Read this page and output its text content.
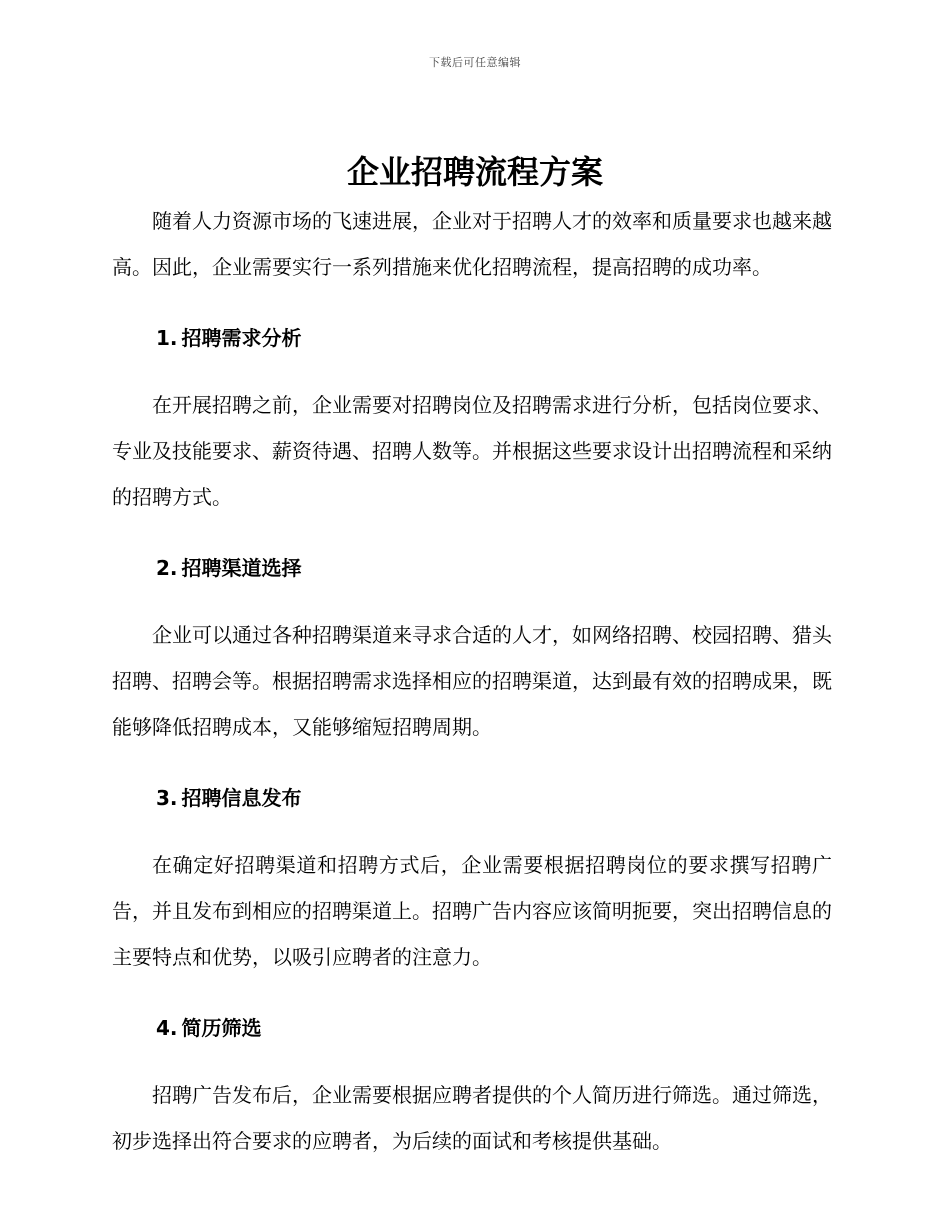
下载后可任意编辑
企业招聘流程方案

随着人力资源市场的飞速进展，企业对于招聘人才的效率和质量要求也越来越高。因此，企业需要实行一系列措施来优化招聘流程，提高招聘的成功率。

1. 招聘需求分析

在开展招聘之前，企业需要对招聘岗位及招聘需求进行分析，包括岗位要求、专业及技能要求、薪资待遇、招聘人数等。并根据这些要求设计出招聘流程和采纳的招聘方式。

2. 招聘渠道选择

企业可以通过各种招聘渠道来寻求合适的人才，如网络招聘、校园招聘、猎头招聘、招聘会等。根据招聘需求选择相应的招聘渠道，达到最有效的招聘成果，既能够降低招聘成本，又能够缩短招聘周期。

3. 招聘信息发布

在确定好招聘渠道和招聘方式后，企业需要根据招聘岗位的要求撰写招聘广告，并且发布到相应的招聘渠道上。招聘广告内容应该简明扼要，突出招聘信息的主要特点和优势，以吸引应聘者的注意力。

4. 简历筛选

招聘广告发布后，企业需要根据应聘者提供的个人简历进行筛选。通过筛选，初步选择出符合要求的应聘者，为后续的面试和考核提供基础。
